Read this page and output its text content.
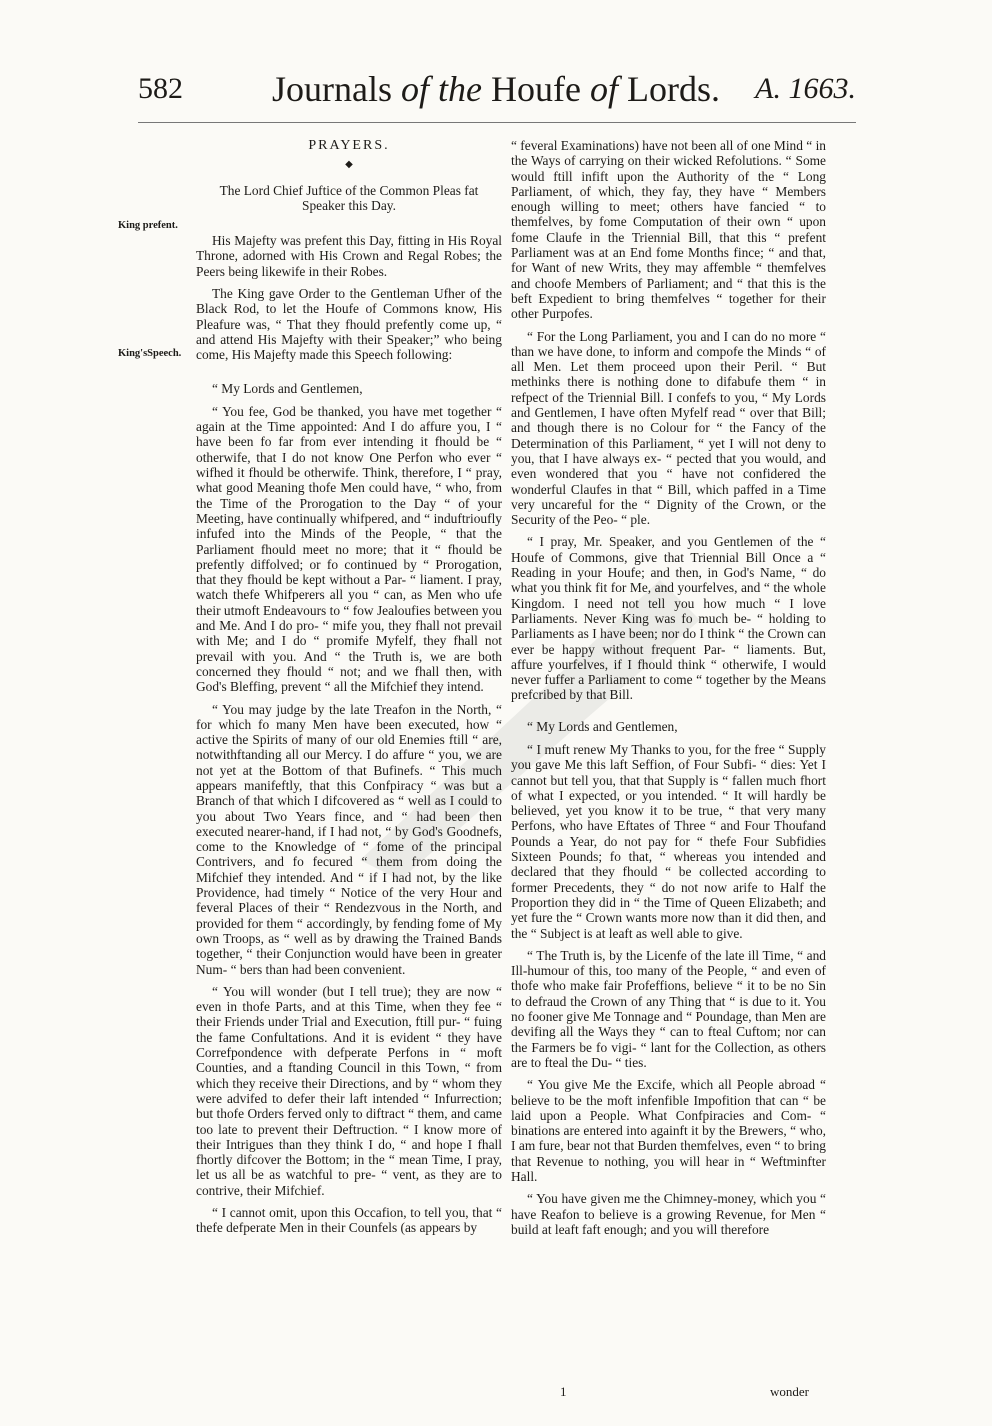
582	Journals of the Houfe of Lords.	A. 1663.
King prefent.
King'sSpeech.
PRAYERS.
◆

The Lord Chief Juftice of the Common Pleas fat Speaker this Day.

His Majefty was prefent this Day, fitting in His Royal Throne, adorned with His Crown and Regal Robes; the Peers being likewife in their Robes.

The King gave Order to the Gentleman Ufher of the Black Rod, to let the Houfe of Commons know, His Pleafure was, “ That they fhould prefently come up, “ and attend His Majefty with their Speaker;” who being come, His Majefty made this Speech following:

“ My Lords and Gentlemen,

“ You fee, God be thanked, you have met together “ again at the Time appointed: And I do affure you, I “ have been fo far from ever intending it fhould be “ otherwife, that I do not know One Perfon who ever “ wifhed it fhould be otherwife. Think, therefore, I “ pray, what good Meaning thofe Men could have, “ who, from the Time of the Prorogation to the Day “ of your Meeting, have continually whifpered, and “ induftrioufly infufed into the Minds of the People, “ that the Parliament fhould meet no more; that it “ fhould be prefently diffolved; or fo continued by “ Prorogation, that they fhould be kept without a Par- “ liament. I pray, watch thefe Whifperers all you “ can, as Men who ufe their utmoft Endeavours to “ fow Jealoufies between you and Me. And I do pro- “ mife you, they fhall not prevail with Me; and I do “ promife Myfelf, they fhall not prevail with you. And “ the Truth is, we are both concerned they fhould “ not; and we fhall then, with God's Bleffing, prevent “ all the Mifchief they intend.

“ You may judge by the late Treafon in the North, “ for which fo many Men have been executed, how “ active the Spirits of many of our old Enemies ftill “ are, notwithftanding all our Mercy. I do affure “ you, we are not yet at the Bottom of that Bufinefs. “ This much appears manifeftly, that this Confpiracy “ was but a Branch of that which I difcovered as “ well as I could to you about Two Years fince, and “ had been then executed nearer-hand, if I had not, “ by God's Goodnefs, come to the Knowledge of “ fome of the principal Contrivers, and fo fecured “ them from doing the Mifchief they intended. And “ if I had not, by the like Providence, had timely “ Notice of the very Hour and feveral Places of their “ Rendezvous in the North, and provided for them “ accordingly, by fending fome of My own Troops, as “ well as by drawing the Trained Bands together, “ their Conjunction would have been in greater Num- “ bers than had been convenient.

“ You will wonder (but I tell true); they are now “ even in thofe Parts, and at this Time, when they fee “ their Friends under Trial and Execution, ftill pur- “ fuing the fame Confultations. And it is evident “ they have Correfpondence with defperate Perfons in “ moft Counties, and a ftanding Council in this Town, “ from which they receive their Directions, and by “ whom they were advifed to defer their laft intended “ Infurrection; but thofe Orders ferved only to diftract “ them, and came too late to prevent their Deftruction. “ I know more of their Intrigues than they think I do, “ and hope I fhall fhortly difcover the Bottom; in the “ mean Time, I pray, let us all be as watchful to pre- “ vent, as they are to contrive, their Mifchief.

“ I cannot omit, upon this Occafion, to tell you, that “ thefe defperate Men in their Counfels (as appears by

“ feveral Examinations) have not been all of one Mind “ in the Ways of carrying on their wicked Refolutions. “ Some would ftill infift upon the Authority of the “ Long Parliament, of which, they fay, they have “ Members enough willing to meet; others have fancied “ to themfelves, by fome Computation of their own “ upon fome Claufe in the Triennial Bill, that this “ prefent Parliament was at an End fome Months fince; “ and that, for Want of new Writs, they may affemble “ themfelves and choofe Members of Parliament; and “ that this is the beft Expedient to bring themfelves “ together for their other Purpofes.

“ For the Long Parliament, you and I can do no more “ than we have done, to inform and compofe the Minds “ of all Men. Let them proceed upon their Peril. “ But methinks there is nothing done to difabufe them “ in refpect of the Triennial Bill. I confefs to you, “ My Lords and Gentlemen, I have often Myfelf read “ over that Bill; and though there is no Colour for “ the Fancy of the Determination of this Parliament, “ yet I will not deny to you, that I have always ex- “ pected that you would, and even wondered that you “ have not confidered the wonderful Claufes in that “ Bill, which paffed in a Time very uncareful for the “ Dignity of the Crown, or the Security of the Peo- “ ple.

“ I pray, Mr. Speaker, and you Gentlemen of the “ Houfe of Commons, give that Triennial Bill Once a “ Reading in your Houfe; and then, in God's Name, “ do what you think fit for Me, and yourfelves, and “ the whole Kingdom. I need not tell you how much “ I love Parliaments. Never King was fo much be- “ holding to Parliaments as I have been; nor do I think “ the Crown can ever be happy without frequent Par- “ liaments. But, affure yourfelves, if I fhould think “ otherwife, I would never fuffer a Parliament to come “ together by the Means prefcribed by that Bill.

“ My Lords and Gentlemen,

“ I muft renew My Thanks to you, for the free “ Supply you gave Me this laft Seffion, of Four Subfi- “ dies: Yet I cannot but tell you, that that Supply is “ fallen much fhort of what I expected, or you intended. “ It will hardly be believed, yet you know it to be true, “ that very many Perfons, who have Eftates of Three “ and Four Thoufand Pounds a Year, do not pay for “ thefe Four Subfidies Sixteen Pounds; fo that, “ whereas you intended and declared that they fhould “ be collected according to former Precedents, they “ do not now arife to Half the Proportion they did in “ the Time of Queen Elizabeth; and yet fure the “ Crown wants more now than it did then, and the “ Subject is at leaft as well able to give.

“ The Truth is, by the Licenfe of the late ill Time, “ and Ill-humour of this, too many of the People, “ and even of thofe who make fair Profeffions, believe “ it to be no Sin to defraud the Crown of any Thing that “ is due to it. You no fooner give Me Tonnage and “ Poundage, than Men are devifing all the Ways they “ can to fteal Cuftom; nor can the Farmers be fo vigi- “ lant for the Collection, as others are to fteal the Du- “ ties.

“ You give Me the Excife, which all People abroad “ believe to be the moft infenfible Impofition that can “ be laid upon a People. What Confpiracies and Com- “ binations are entered into againft it by the Brewers, “ who, I am fure, bear not that Burden themfelves, even “ to bring that Revenue to nothing, you will hear in “ Weftminfter Hall.

“ You have given me the Chimney-money, which you “ have Reafon to believe is a growing Revenue, for Men “ build at leaft faft enough; and you will therefore

1	wonder
